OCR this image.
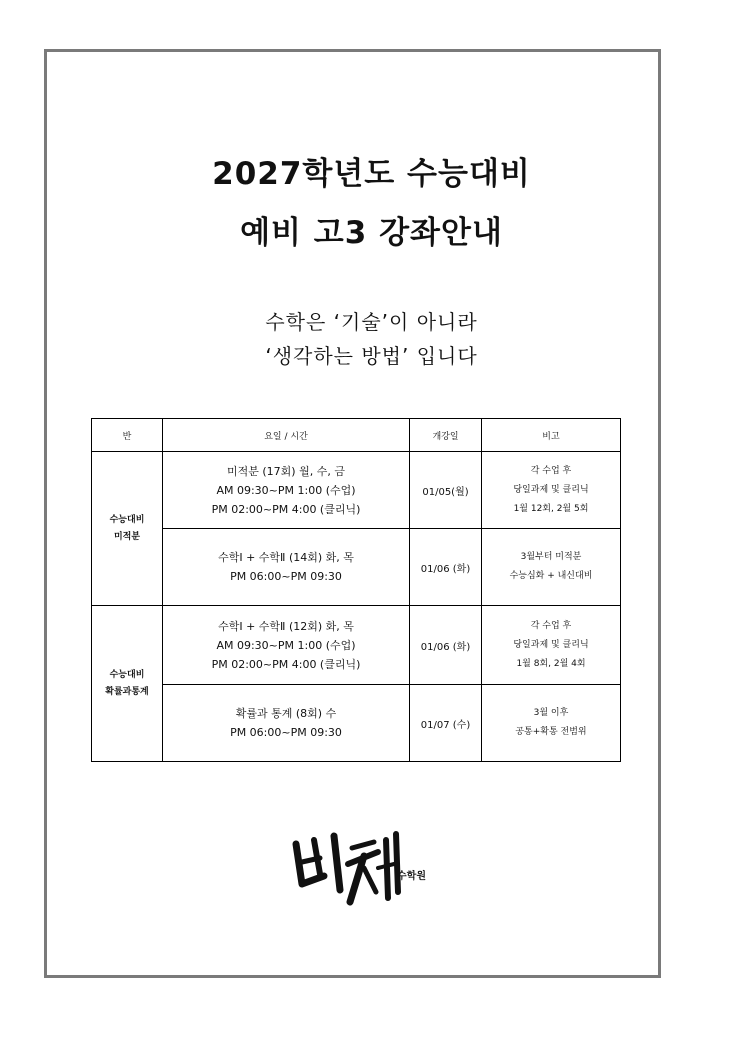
2027학년도 수능대비
예비 고3 강좌안내
수학은 ‘기술’이 아니라
‘생각하는 방법’ 입니다
반	요일 / 시간	개강일	비고

수능대비
미적분	미적분 (17회) 월, 수, 금
AM 09:30~PM 1:00 (수업)
PM 02:00~PM 4:00 (클리닉)	01/05(월)	각 수업 후
당일과제 및 클리닉
1월 12회, 2월 5회

	수학Ⅰ + 수학Ⅱ (14회) 화, 목
PM 06:00~PM 09:30	01/06 (화)	3월부터 미적분
수능심화 + 내신대비

수능대비
확률과통계	수학Ⅰ + 수학Ⅱ (12회) 화, 목
AM 09:30~PM 1:00 (수업)
PM 02:00~PM 4:00 (클리닉)	01/06 (화)	각 수업 후
당일과제 및 클리닉
1월 8회, 2월 4회

	확률과 통계 (8회) 수
PM 06:00~PM 09:30	01/07 (수)	3월 이후
공통+확통 전범위
수학원
